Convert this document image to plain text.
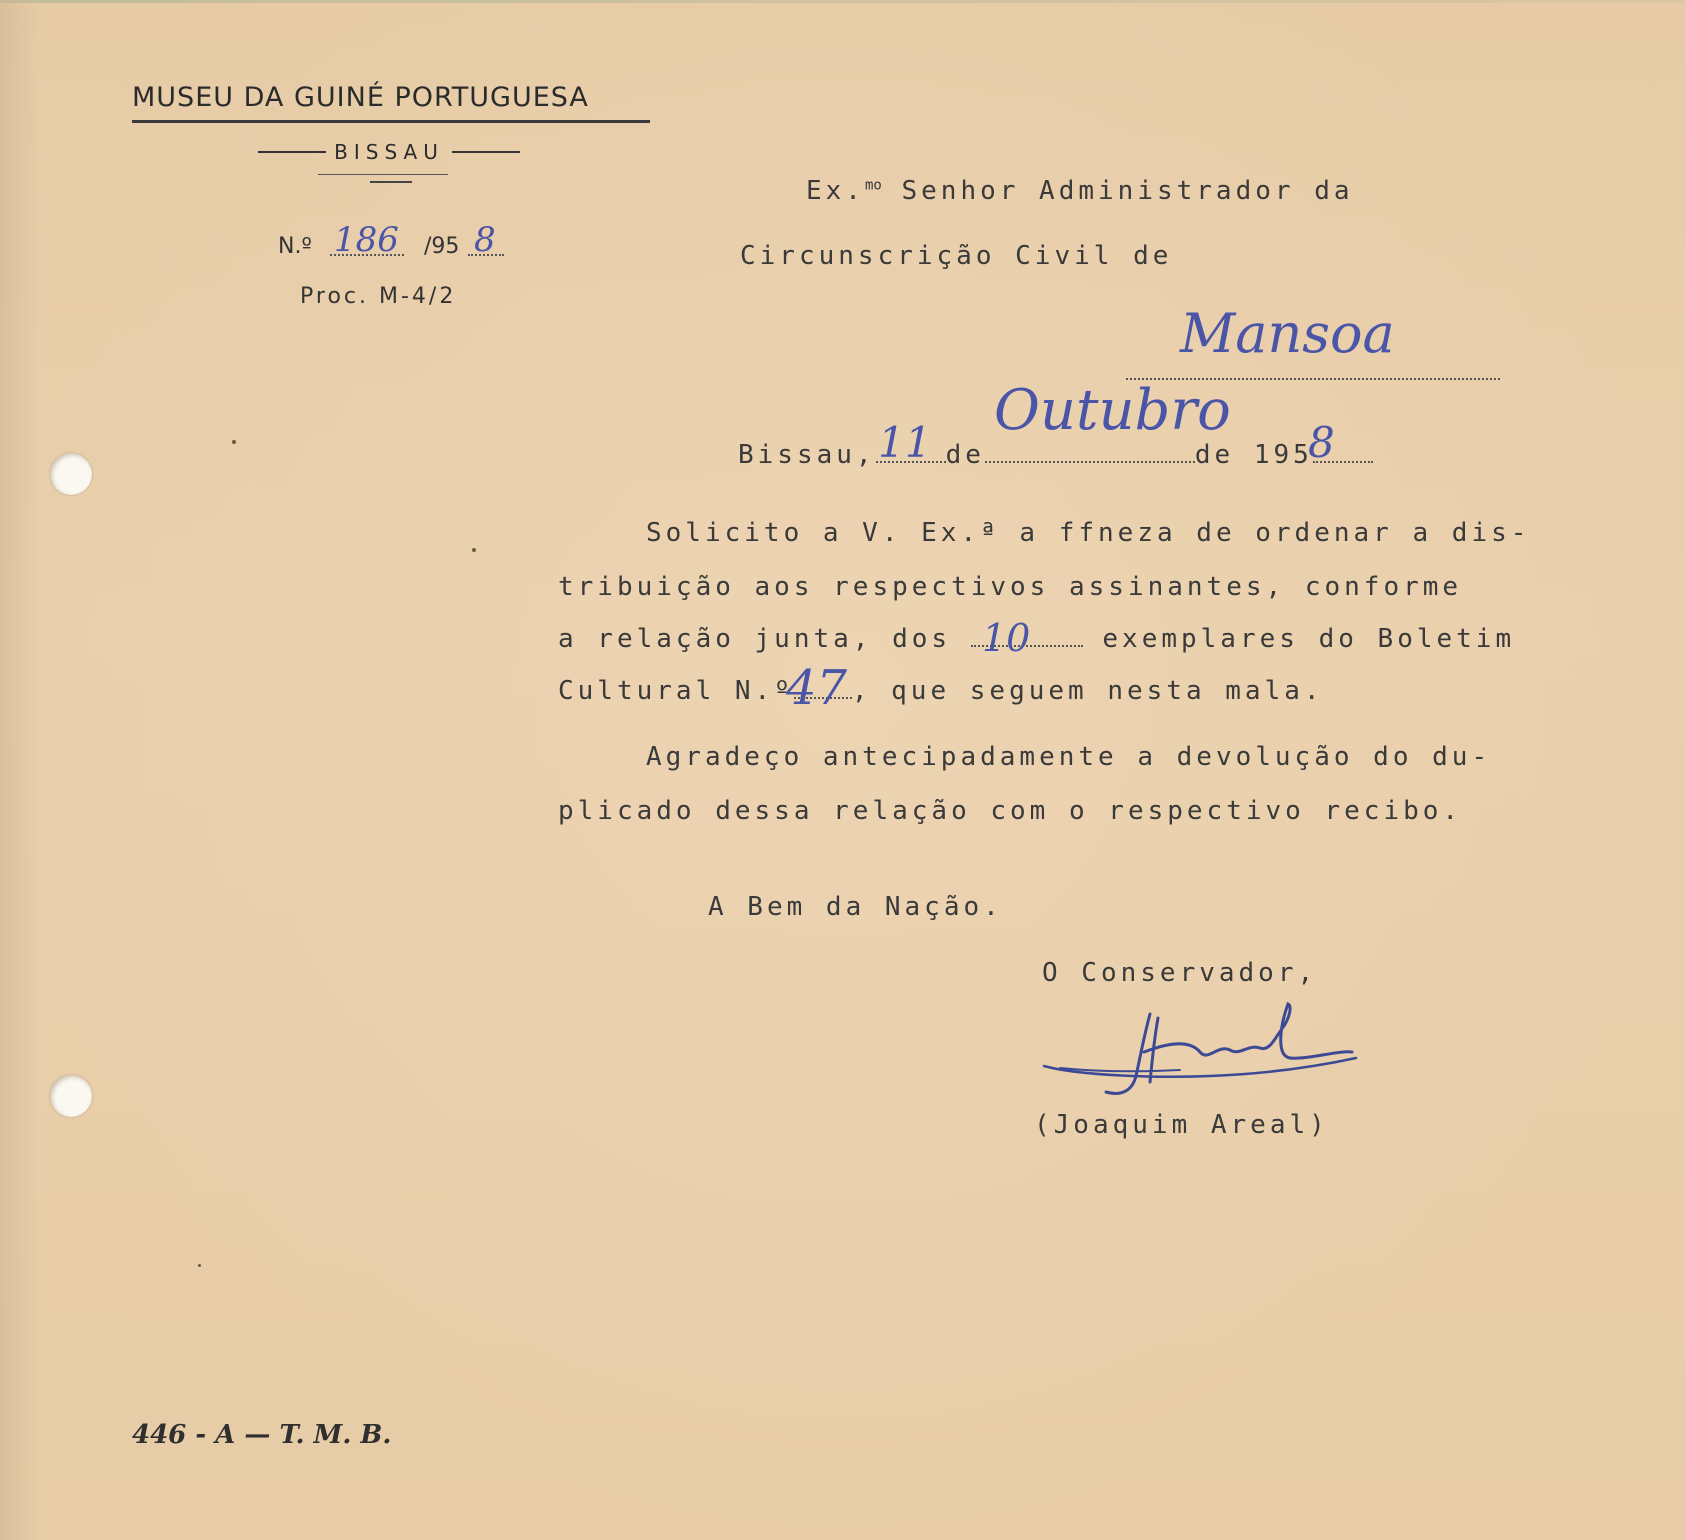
MUSEU DA GUINÉ PORTUGUESA
BISSAU
N.º 186 /95 8
Proc. M-4/2
Ex.$^{mo}$ Senhor Administrador da
Circunscrição Civil de
Mansoa
Bissau,	de	de 195
11 Outubro 8
Solicito a V. Ex.ª a ffneza de ordenar a dis-
tribuição aos respectivos assinantes, conforme
a relação junta, dos	exemplares do Boletim
10
Cultural N.º , que seguem nesta mala.
47
Agradeço antecipadamente a devolução do du-
plicado dessa relação com o respectivo recibo.
A Bem da Nação.
O Conservador,
(Joaquim Areal)
446 - A — T. M. B.
